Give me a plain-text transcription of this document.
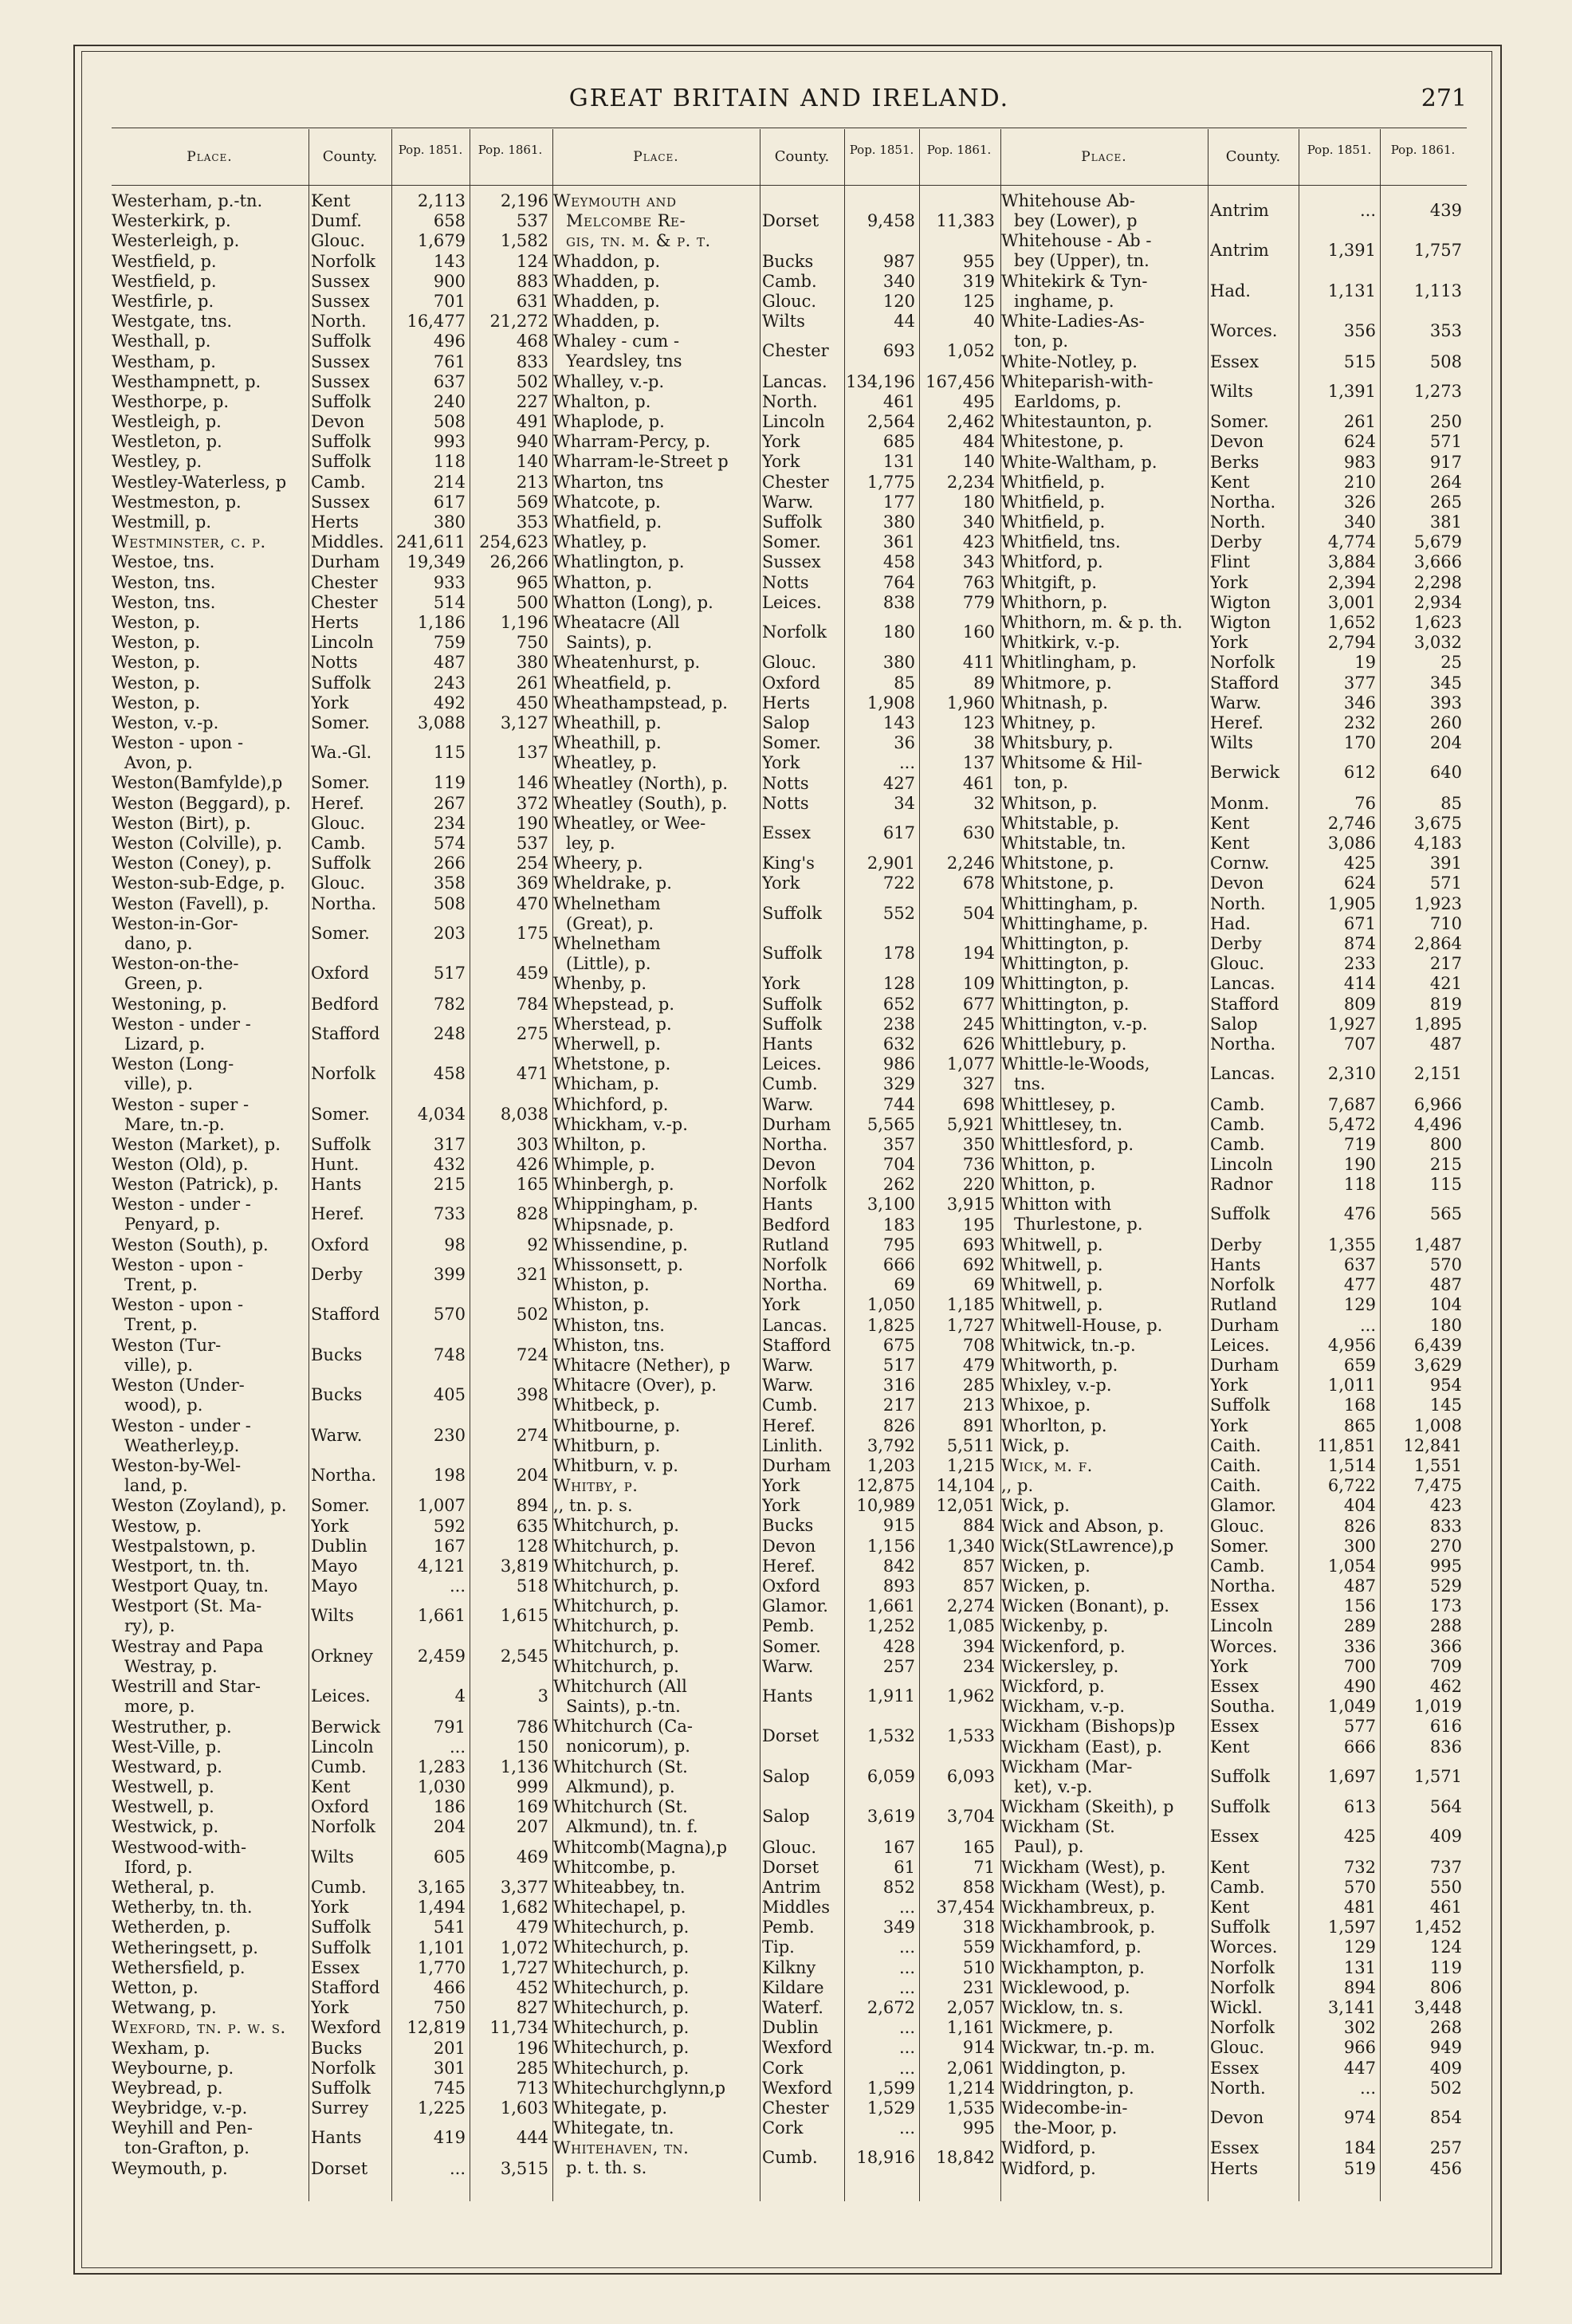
GREAT BRITAIN AND IRELAND.	271
Place.	County.	Pop. 1851.	Pop. 1861.
Westerham, p.-tn.	Kent	2,113	2,196
Westerkirk, p.	Dumf.	658	537
Westerleigh, p.	Glouc.	1,679	1,582
Westfield, p.	Norfolk	143	124
Westfield, p.	Sussex	900	883
Westfirle, p.	Sussex	701	631
Westgate, tns.	North.	16,477	21,272
Westhall, p.	Suffolk	496	468
Westham, p.	Sussex	761	833
Westhampnett, p.	Sussex	637	502
Westhorpe, p.	Suffolk	240	227
Westleigh, p.	Devon	508	491
Westleton, p.	Suffolk	993	940
Westley, p.	Suffolk	118	140
Westley-Waterless, p Camb.	214	213
Westmeston, p.	Sussex	617	569
Westmill, p.	Herts	380	353
Westminster, c. p.	Middles. 241,611 254,623
Westoe, tns.	Durham	19,349	26,266
Weston, tns.	Chester	933	965
Weston, tns.	Chester	514	500
Weston, p.	Herts	1,186	1,196
Weston, p.	Lincoln	759	750
Weston, p.	Notts	487	380
Weston, p.	Suffolk	243	261
Weston, p.	York	492	450
Weston, v.-p.	Somer.	3,088	3,127
Weston - upon -
Avon, p.
Wa.-Gl.	115	137
Weston(Bamfylde),p Somer.	119	146
Weston (Beggard), p. Heref.	267	372
Weston (Birt), p.	Glouc.	234	190
Weston (Colville), p. Camb.	574	537
Weston (Coney), p. Suffolk	266	254
Weston-sub-Edge, p. Glouc.	358	369
Weston (Favell), p. Northa.	508	470
Weston-in-Gor-
dano, p.
Somer.	203	175
Weston-on-the-
Green, p.
Oxford	517	459
Westoning, p.	Bedford	782	784
Weston - under -
Lizard, p.
Stafford	248	275
Weston (Long-
ville), p.
Norfolk	458	471
Weston - super -
Mare, tn.-p.
Somer.	4,034	8,038
Weston (Market), p. Suffolk	317	303
Weston (Old), p.	Hunt.	432	426
Weston (Patrick), p. Hants	215	165
Weston - under -
Penyard, p.
Heref.	733	828
Weston (South), p.	Oxford	98	92
Weston - upon -
Trent, p.
Derby	399	321
Weston - upon -
Trent, p.
Stafford	570	502
Weston (Tur-
ville), p.
Bucks	748	724
Weston (Under-
wood), p.
Bucks	405	398
Weston - under -
Weatherley,p.
Warw.	230	274
Weston-by-Wel-
land, p.
Northa.	198	204
Weston (Zoyland), p. Somer.	1,007	894
Westow, p.	York	592	635
Westpalstown, p.	Dublin	167	128
Westport, tn. th.	Mayo	4,121	3,819
Westport Quay, tn.	Mayo	...	518
Westport (St. Ma-
ry), p.
Wilts	1,661	1,615
Westray and Papa
Westray, p.
Orkney	2,459	2,545
Westrill and Star-
more, p.
Leices.	4	3
Westruther, p.	Berwick	791	786
West-Ville, p.	Lincoln	...	150
Westward, p.	Cumb.	1,283	1,136
Westwell, p.	Kent	1,030	999
Westwell, p.	Oxford	186	169
Westwick, p.	Norfolk	204	207
Westwood-with-
Iford, p.
Wilts	605	469
Wetheral, p.	Cumb.	3,165	3,377
Wetherby, tn. th.	York	1,494	1,682
Wetherden, p.	Suffolk	541	479
Wetheringsett, p.	Suffolk	1,101	1,072
Wethersfield, p.	Essex	1,770	1,727
Wetton, p.	Stafford	466	452
Wetwang, p.	York	750	827
Wexford, tn. p. w. s. Wexford	12,819	11,734
Wexham, p.	Bucks	201	196
Weybourne, p.	Norfolk	301	285
Weybread, p.	Suffolk	745	713
Weybridge, v.-p.	Surrey	1,225	1,603
Weyhill and Pen-
ton-Grafton, p.
Hants	419	444
Weymouth, p.	Dorset	...	3,515
Place.	County.	Pop. 1851.	Pop. 1861.
Weymouth and
Melcombe Re-
gis, tn. m. & p. t.
Dorset	9,458	11,383
Whaddon, p.	Bucks	987	955
Whadden, p.	Camb.	340	319
Whadden, p.	Glouc.	120	125
Whadden, p.	Wilts	44	40
Whaley - cum -
Yeardsley, tns
Chester	693	1,052
Whalley, v.-p.	Lancas.	134,196 167,456
Whalton, p.	North.	461	495
Whaplode, p.	Lincoln	2,564	2,462
Wharram-Percy, p.	York	685	484
Wharram-le-Street p York	131	140
Wharton, tns	Chester	1,775	2,234
Whatcote, p.	Warw.	177	180
Whatfield, p.	Suffolk	380	340
Whatley, p.	Somer.	361	423
Whatlington, p.	Sussex	458	343
Whatton, p.	Notts	764	763
Whatton (Long), p.	Leices.	838	779
Wheatacre (All
Saints), p.
Norfolk	180	160
Wheatenhurst, p.	Glouc.	380	411
Wheatfield, p.	Oxford	85	89
Wheathampstead, p. Herts	1,908	1,960
Wheathill, p.	Salop	143	123
Wheathill, p.	Somer.	36	38
Wheatley, p.	York	...	137
Wheatley (North), p. Notts	427	461
Wheatley (South), p. Notts	34	32
Wheatley, or Wee-
ley, p.
Essex	617	630
Wheery, p.	King's	2,901	2,246
Wheldrake, p.	York	722	678
Whelnetham
(Great), p.
Suffolk	552	504
Whelnetham
(Little), p.
Suffolk	178	194
Whenby, p.	York	128	109
Whepstead, p.	Suffolk	652	677
Wherstead, p.	Suffolk	238	245
Wherwell, p.	Hants	632	626
Whetstone, p.	Leices.	986	1,077
Whicham, p.	Cumb.	329	327
Whichford, p.	Warw.	744	698
Whickham, v.-p.	Durham	5,565	5,921
Whilton, p.	Northa.	357	350
Whimple, p.	Devon	704	736
Whinbergh, p.	Norfolk	262	220
Whippingham, p.	Hants	3,100	3,915
Whipsnade, p.	Bedford	183	195
Whissendine, p.	Rutland	795	693
Whissonsett, p.	Norfolk	666	692
Whiston, p.	Northa.	69	69
Whiston, p.	York	1,050	1,185
Whiston, tns.	Lancas.	1,825	1,727
Whiston, tns.	Stafford	675	708
Whitacre (Nether), p Warw.	517	479
Whitacre (Over), p.	Warw.	316	285
Whitbeck, p.	Cumb.	217	213
Whitbourne, p.	Heref.	826	891
Whitburn, p.	Linlith.	3,792	5,511
Whitburn, v. p.	Durham	1,203	1,215
Whitby, p.	York	12,875	14,104
,, tn. p. s.	York	10,989	12,051
Whitchurch, p.	Bucks	915	884
Whitchurch, p.	Devon	1,156	1,340
Whitchurch, p.	Heref.	842	857
Whitchurch, p.	Oxford	893	857
Whitchurch, p.	Glamor.	1,661	2,274
Whitchurch, p.	Pemb.	1,252	1,085
Whitchurch, p.	Somer.	428	394
Whitchurch, p.	Warw.	257	234
Whitchurch (All
Saints), p.-tn.
Hants	1,911	1,962
Whitchurch (Ca-
nonicorum), p.
Dorset	1,532	1,533
Whitchurch (St.
Alkmund), p.
Salop	6,059	6,093
Whitchurch (St.
Alkmund), tn. f.
Salop	3,619	3,704
Whitcomb(Magna),p Glouc.	167	165
Whitcombe, p.	Dorset	61	71
Whiteabbey, tn.	Antrim	852	858
Whitechapel, p.	Middles	...	37,454
Whitechurch, p.	Pemb.	349	318
Whitechurch, p.	Tip.	...	559
Whitechurch, p.	Kilkny	...	510
Whitechurch, p.	Kildare	...	231
Whitechurch, p.	Waterf.	2,672	2,057
Whitechurch, p.	Dublin	...	1,161
Whitechurch, p.	Wexford	...	914
Whitechurch, p.	Cork	...	2,061
Whitechurchglynn,p Wexford	1,599	1,214
Whitegate, p.	Chester	1,529	1,535
Whitegate, tn.	Cork	...	995
Whitehaven, tn.
p. t. th. s.
Cumb.	18,916	18,842
Place.	County.	Pop. 1851.	Pop. 1861.
Whitehouse Ab-
bey (Lower), p
Antrim	...	439
Whitehouse - Ab -
bey (Upper), tn.
Antrim	1,391	1,757
Whitekirk & Tyn-
inghame, p.
Had.	1,131	1,113
White-Ladies-As-
ton, p.
Worces.	356	353
White-Notley, p.	Essex	515	508
Whiteparish-with-
Earldoms, p.
Wilts	1,391	1,273
Whitestaunton, p.	Somer.	261	250
Whitestone, p.	Devon	624	571
White-Waltham, p.	Berks	983	917
Whitfield, p.	Kent	210	264
Whitfield, p.	Northa.	326	265
Whitfield, p.	North.	340	381
Whitfield, tns.	Derby	4,774	5,679
Whitford, p.	Flint	3,884	3,666
Whitgift, p.	York	2,394	2,298
Whithorn, p.	Wigton	3,001	2,934
Whithorn, m. & p. th. Wigton	1,652	1,623
Whitkirk, v.-p.	York	2,794	3,032
Whitlingham, p.	Norfolk	19	25
Whitmore, p.	Stafford	377	345
Whitnash, p.	Warw.	346	393
Whitney, p.	Heref.	232	260
Whitsbury, p.	Wilts	170	204
Whitsome & Hil-
ton, p.
Berwick	612	640
Whitson, p.	Monm.	76	85
Whitstable, p.	Kent	2,746	3,675
Whitstable, tn.	Kent	3,086	4,183
Whitstone, p.	Cornw.	425	391
Whitstone, p.	Devon	624	571
Whittingham, p.	North.	1,905	1,923
Whittinghame, p.	Had.	671	710
Whittington, p.	Derby	874	2,864
Whittington, p.	Glouc.	233	217
Whittington, p.	Lancas.	414	421
Whittington, p.	Stafford	809	819
Whittington, v.-p.	Salop	1,927	1,895
Whittlebury, p.	Northa.	707	487
Whittle-le-Woods,
tns.
Lancas.	2,310	2,151
Whittlesey, p.	Camb.	7,687	6,966
Whittlesey, tn.	Camb.	5,472	4,496
Whittlesford, p.	Camb.	719	800
Whitton, p.	Lincoln	190	215
Whitton, p.	Radnor	118	115
Whitton with
Thurlestone, p.
Suffolk	476	565
Whitwell, p.	Derby	1,355	1,487
Whitwell, p.	Hants	637	570
Whitwell, p.	Norfolk	477	487
Whitwell, p.	Rutland	129	104
Whitwell-House, p.	Durham	...	180
Whitwick, tn.-p.	Leices.	4,956	6,439
Whitworth, p.	Durham	659	3,629
Whixley, v.-p.	York	1,011	954
Whixoe, p.	Suffolk	168	145
Whorlton, p.	York	865	1,008
Wick, p.	Caith.	11,851	12,841
Wick, m. f.	Caith.	1,514	1,551
,, p.	Caith.	6,722	7,475
Wick, p.	Glamor.	404	423
Wick and Abson, p.	Glouc.	826	833
Wick(StLawrence),p Somer.	300	270
Wicken, p.	Camb.	1,054	995
Wicken, p.	Northa.	487	529
Wicken (Bonant), p. Essex	156	173
Wickenby, p.	Lincoln	289	288
Wickenford, p.	Worces.	336	366
Wickersley, p.	York	700	709
Wickford, p.	Essex	490	462
Wickham, v.-p.	Southa.	1,049	1,019
Wickham (Bishops)p Essex	577	616
Wickham (East), p.	Kent	666	836
Wickham (Mar-
ket), v.-p.
Suffolk	1,697	1,571
Wickham (Skeith), p Suffolk	613	564
Wickham (St.
Paul), p.
Essex	425	409
Wickham (West), p.	Kent	732	737
Wickham (West), p.	Camb.	570	550
Wickhambreux, p.	Kent	481	461
Wickhambrook, p.	Suffolk	1,597	1,452
Wickhamford, p.	Worces.	129	124
Wickhampton, p.	Norfolk	131	119
Wicklewood, p.	Norfolk	894	806
Wicklow, tn. s.	Wickl.	3,141	3,448
Wickmere, p.	Norfolk	302	268
Wickwar, tn.-p. m.	Glouc.	966	949
Widdington, p.	Essex	447	409
Widdrington, p.	North.	...	502
Widecombe-in-
the-Moor, p.
Devon	974	854
Widford, p.	Essex	184	257
Widford, p.	Herts	519	456
